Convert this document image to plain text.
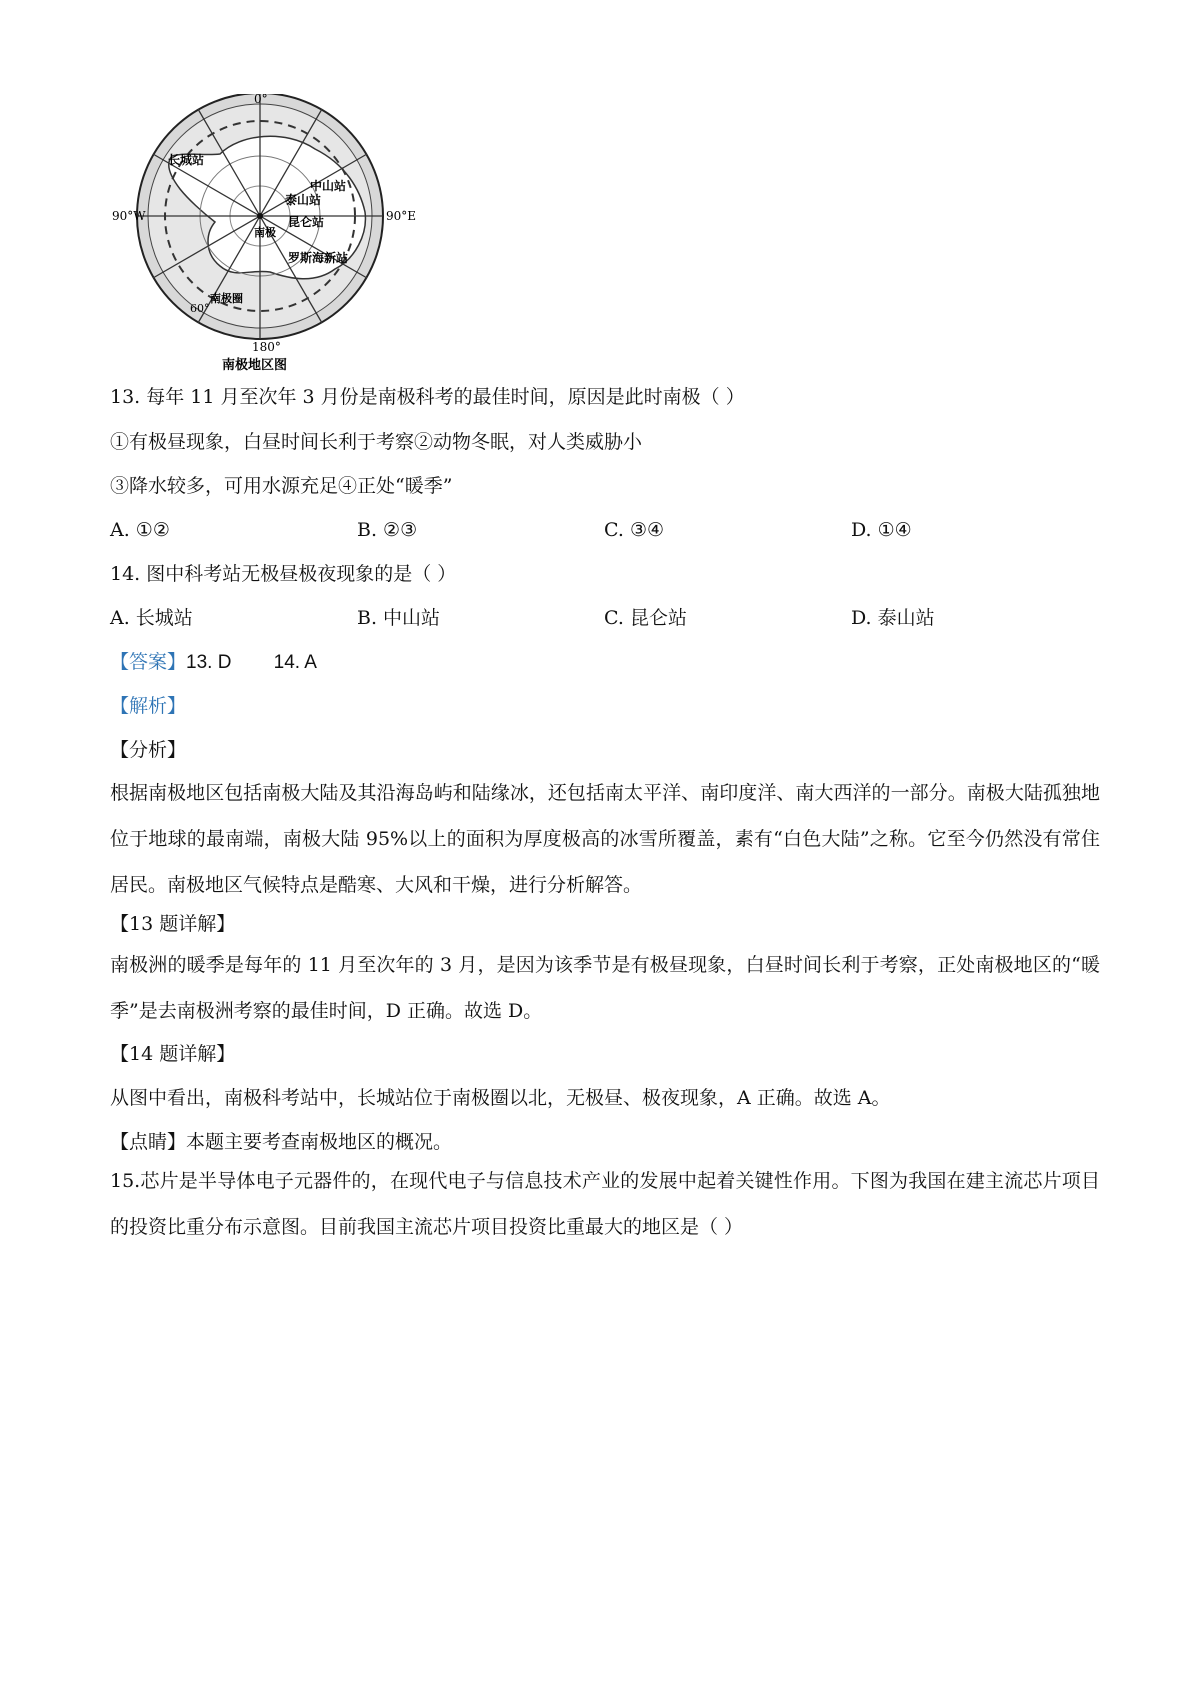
0°
90°W	90°E
180°
60°
长城站
中山站
泰山站
昆仑站
南极
罗斯海新站
南极圈
南极地区图
13. 每年 11 月至次年 3 月份是南极科考的最佳时间，原因是此时南极（ ）
①有极昼现象，白昼时间长利于考察②动物冬眠，对人类威胁小
③降水较多，可用水源充足④正处“暖季”
A. ①②	B. ②③	C. ③④	D. ①④
14. 图中科考站无极昼极夜现象的是（ ）
A. 长城站	B. 中山站	C. 昆仑站	D. 泰山站
【答案】13. D        14. A
【解析】
【分析】
根据南极地区包括南极大陆及其沿海岛屿和陆缘冰，还包括南太平洋、南印度洋、南大西洋的一部分。南极大陆孤独地位于地球的最南端，南极大陆 95%以上的面积为厚度极高的冰雪所覆盖，素有“白色大陆”之称。它至今仍然没有常住居民。南极地区气候特点是酷寒、大风和干燥，进行分析解答。
【13 题详解】
南极洲的暖季是每年的 11 月至次年的 3 月，是因为该季节是有极昼现象，白昼时间长利于考察，正处南极地区的“暖季”是去南极洲考察的最佳时间，D 正确。故选 D。
【14 题详解】
从图中看出，南极科考站中，长城站位于南极圈以北，无极昼、极夜现象，A 正确。故选 A。
【点睛】本题主要考查南极地区的概况。
15.芯片是半导体电子元器件的，在现代电子与信息技术产业的发展中起着关键性作用。下图为我国在建主流芯片项目的投资比重分布示意图。目前我国主流芯片项目投资比重最大的地区是（ ）
